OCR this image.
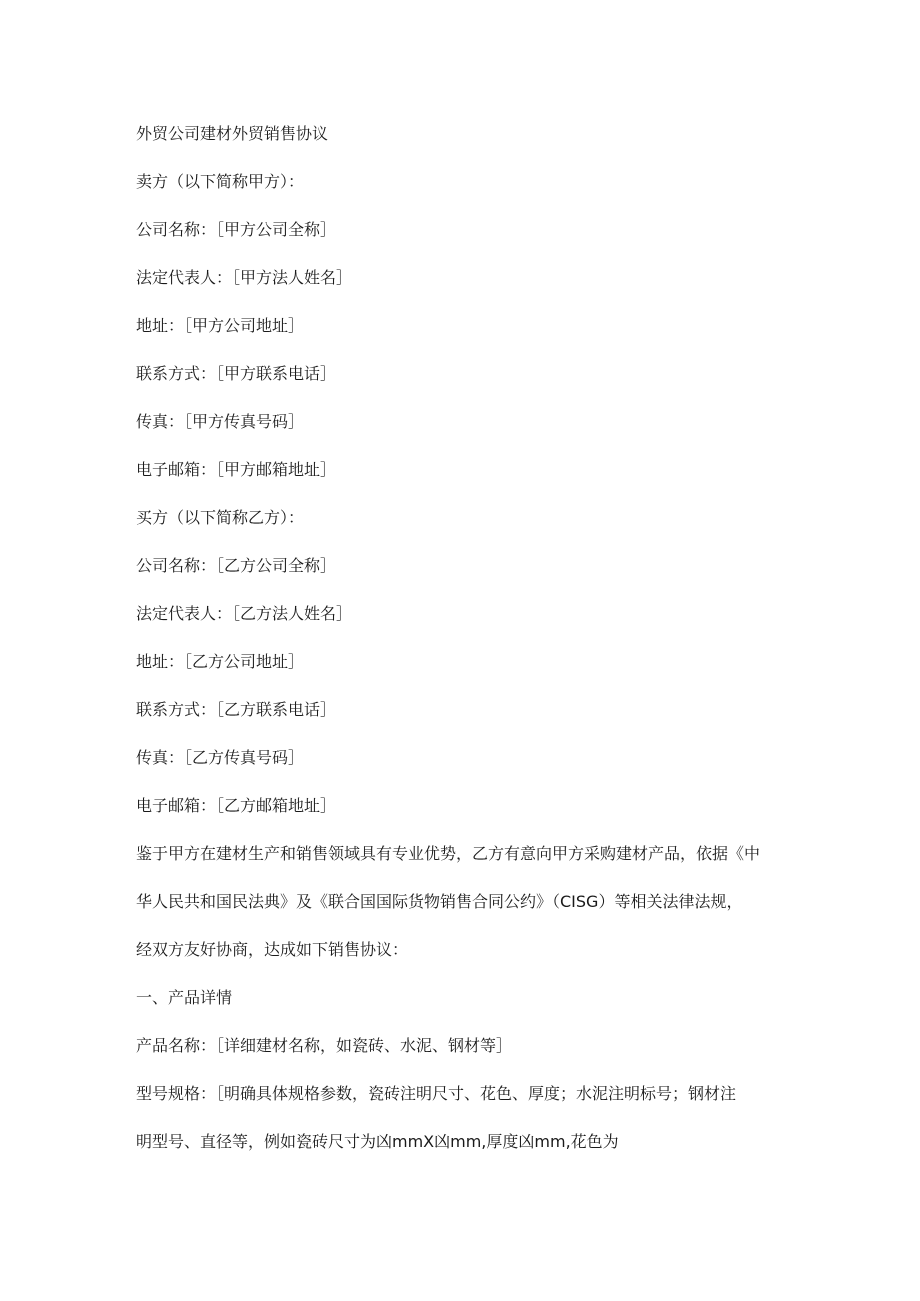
外贸公司建材外贸销售协议

卖方（以下简称甲方）：

公司名称：［甲方公司全称］

法定代表人：［甲方法人姓名］

地址：［甲方公司地址］

联系方式：［甲方联系电话］

传真：［甲方传真号码］

电子邮箱：［甲方邮箱地址］

买方（以下简称乙方）：

公司名称：［乙方公司全称］

法定代表人：［乙方法人姓名］

地址：［乙方公司地址］

联系方式：［乙方联系电话］

传真：［乙方传真号码］

电子邮箱：［乙方邮箱地址］

鉴于甲方在建材生产和销售领域具有专业优势，乙方有意向甲方采购建材产品，依据《中

华人民共和国民法典》及《联合国国际货物销售合同公约》（CISG）等相关法律法规，

经双方友好协商，达成如下销售协议：

一、产品详情

产品名称：［详细建材名称，如瓷砖、水泥、钢材等］

型号规格：［明确具体规格参数，瓷砖注明尺寸、花色、厚度；水泥注明标号；钢材注

明型号、直径等，例如瓷砖尺寸为凶mmX凶mm,厚度凶mm,花色为
